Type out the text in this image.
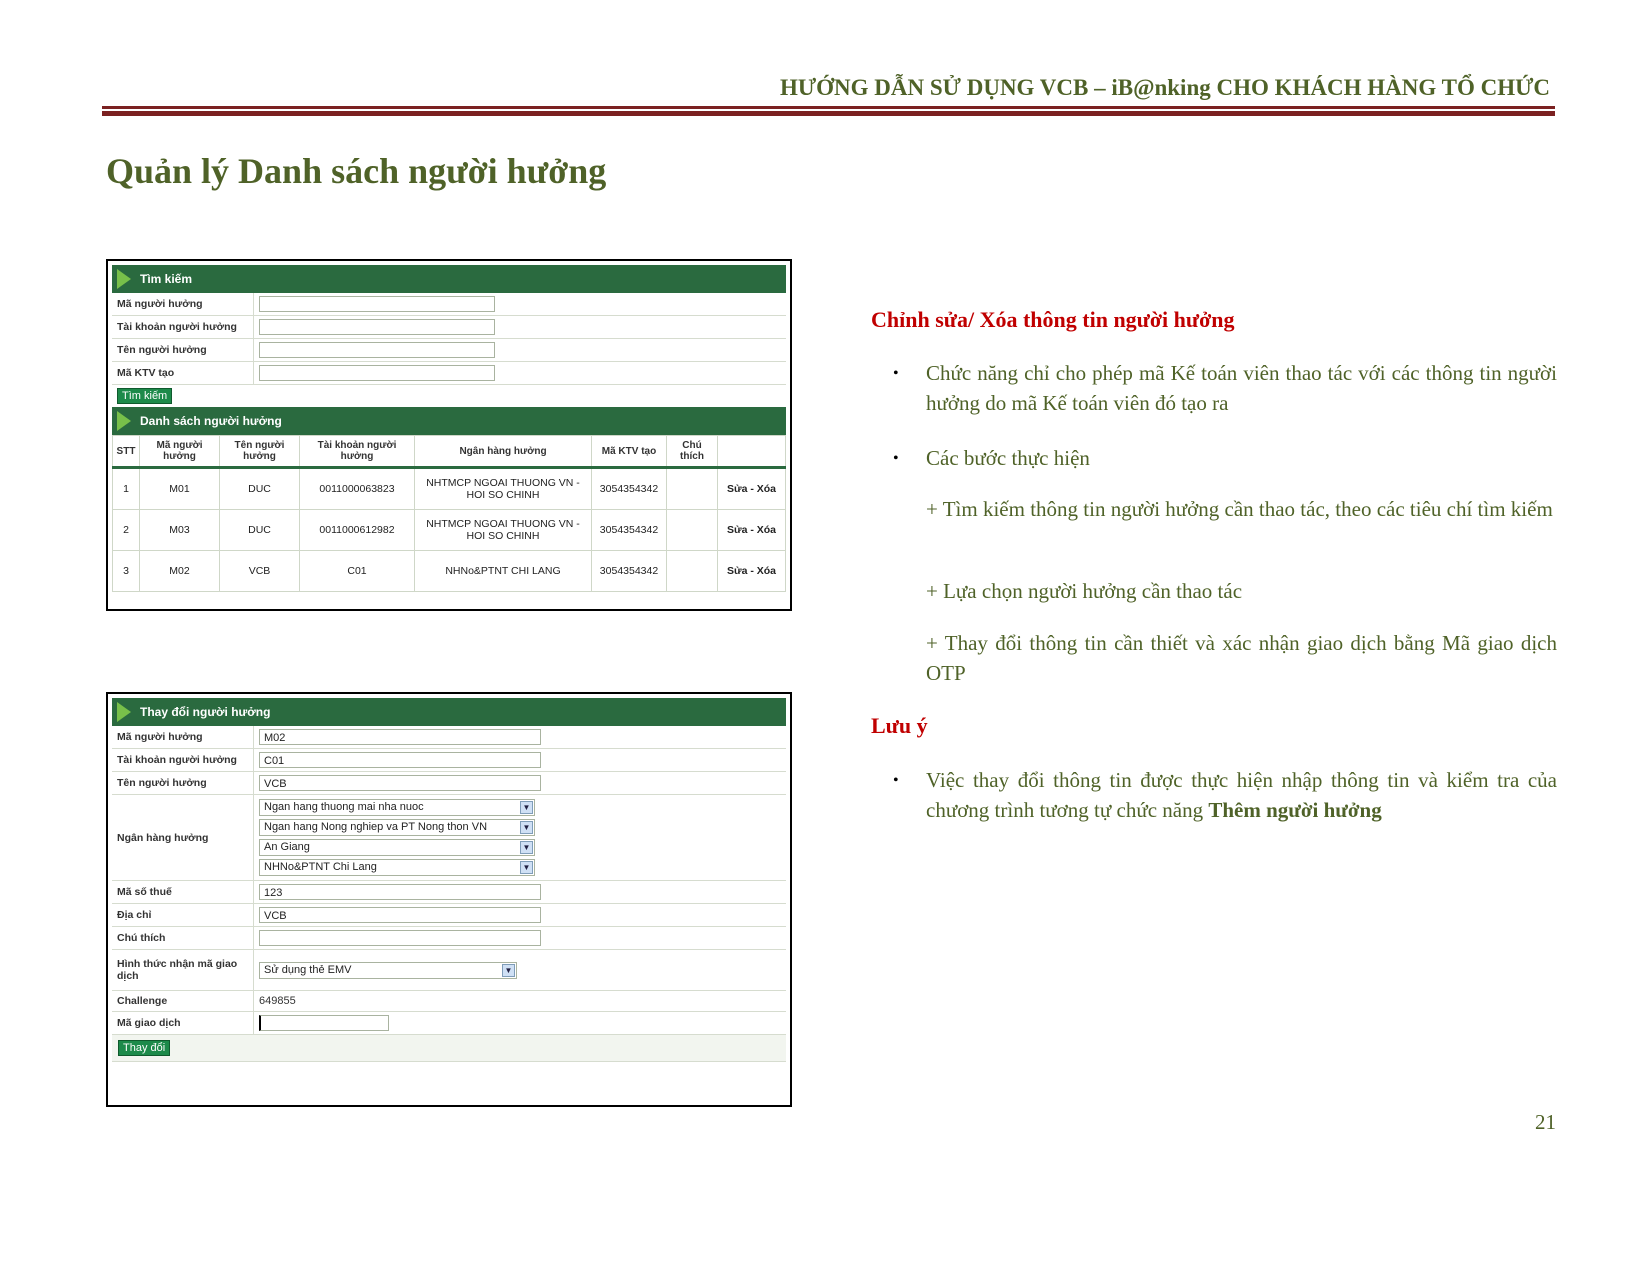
HƯỚNG DẪN SỬ DỤNG VCB – iB@nking CHO KHÁCH HÀNG TỔ CHỨC
Quản lý Danh sách người hưởng
Tìm kiếm
Mã người hưởng
Tài khoản người hưởng
Tên người hưởng
Mã KTV tạo
Tìm kiếm
Danh sách người hưởng
STT	Mã người hưởng	Tên người hưởng	Tài khoản người hưởng	Ngân hàng hưởng	Mã KTV tạo	Chú thích	
1	M01	DUC	0011000063823	NHTMCP NGOAI THUONG VN - HOI SO CHINH	3054354342		Sửa - Xóa
2	M03	DUC	0011000612982	NHTMCP NGOAI THUONG VN - HOI SO CHINH	3054354342		Sửa - Xóa
3	M02	VCB	C01	NHNo&PTNT CHI LANG	3054354342		Sửa - Xóa
Thay đổi người hưởng
Mã người hưởng	M02
Tài khoản người hưởng	C01
Tên người hưởng	VCB
Ngân hàng hưởng
Ngan hang thuong mai nha nuoc	▼
Ngan hang Nong nghiep va PT Nong thon VN	▼
An Giang	▼
NHNo&PTNT Chi Lang	▼
Mã số thuế	123
Địa chỉ	VCB
Chú thích
Hình thức nhận mã giao dịch
Sử dụng thẻ EMV	▼
Challenge	649855
Mã giao dịch
Thay đổi
Chỉnh sửa/ Xóa thông tin người hưởng
• Chức năng chỉ cho phép mã Kế toán viên thao tác với các thông tin người hưởng do mã Kế toán viên đó tạo ra
• Các bước thực hiện
+ Tìm kiếm thông tin người hưởng cần thao tác, theo các tiêu chí tìm kiếm
+ Lựa chọn người hưởng cần thao tác
+ Thay đổi thông tin cần thiết và xác nhận giao dịch bằng Mã giao dịch OTP
Lưu ý
• Việc thay đổi thông tin được thực hiện nhập thông tin và kiểm tra của chương trình tương tự chức năng Thêm người hưởng
21
